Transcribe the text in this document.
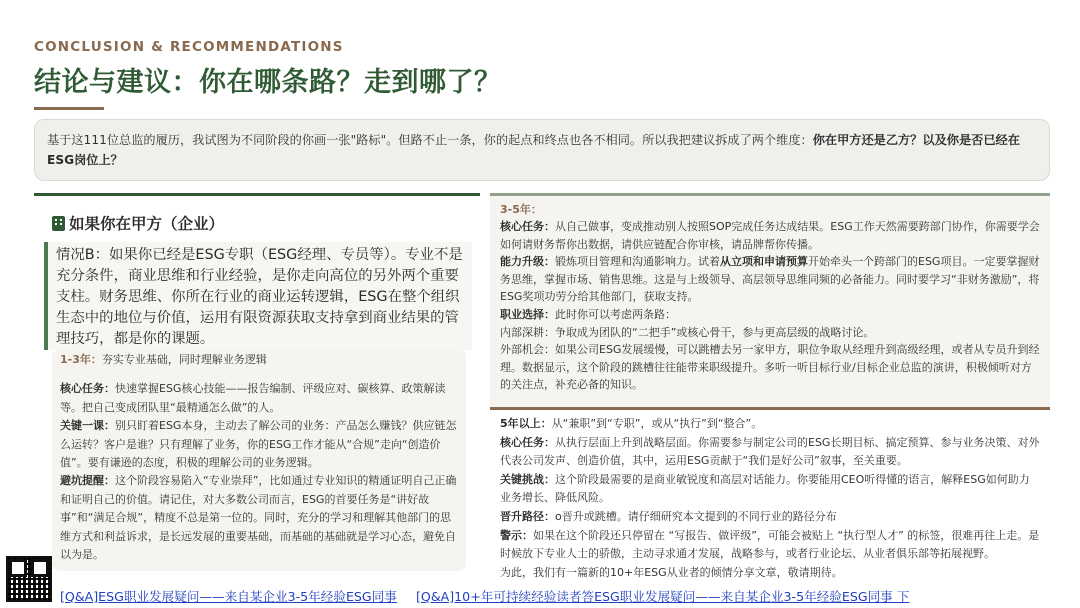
CONCLUSION & RECOMMENDATIONS
结论与建议：你在哪条路？走到哪了？
基于这111位总监的履历，我试图为不同阶段的你画一张"路标"。但路不止一条，你的起点和终点也各不相同。所以我把建议拆成了两个维度：你在甲方还是乙方？以及你是否已经在ESG岗位上？
如果你在甲方（企业）
情况B：如果你已经是ESG专职（ESG经理、专员等）。专业不是充分条件，商业思维和行业经验，是你走向高位的另外两个重要支柱。财务思维、你所在行业的商业运转逻辑，ESG在整个组织生态中的地位与价值，运用有限资源获取支持拿到商业结果的管理技巧，都是你的课题。

1-3年：夯实专业基础，同时理解业务逻辑

核心任务：快速掌握ESG核心技能——报告编制、评级应对、碳核算、政策解读等。把自己变成团队里“最精通怎么做”的人。

关键一课：别只盯着ESG本身，主动去了解公司的业务：产品怎么赚钱？供应链怎么运转？客户是谁？只有理解了业务，你的ESG工作才能从“合规”走向“创造价值”。要有谦逊的态度，积极的理解公司的业务逻辑。

避坑提醒：这个阶段容易陷入“专业崇拜”，比如通过专业知识的精通证明自己正确和证明自己的价值。请记住，对大多数公司而言，ESG的首要任务是“讲好故事”和“满足合规”，精度不总是第一位的。同时，充分的学习和理解其他部门的思维方式和利益诉求，是长远发展的重要基础，而基础的基础就是学习心态，避免自以为是。

3-5年：

核心任务：从自己做事，变成推动别人按照SOP完成任务达成结果。ESG工作天然需要跨部门协作，你需要学会如何请财务帮你出数据，请供应链配合你审核，请品牌帮你传播。

能力升级：锻炼项目管理和沟通影响力。试着从立项和申请预算开始牵头一个跨部门的ESG项目。一定要掌握财务思维，掌握市场、销售思维。这是与上级领导、高层领导思维同频的必备能力。同时要学习“非财务激励”，将ESG奖项功劳分给其他部门，获取支持。

职业选择：此时你可以考虑两条路：

内部深耕：争取成为团队的“二把手”或核心骨干，参与更高层级的战略讨论。

外部机会：如果公司ESG发展缓慢，可以跳槽去另一家甲方，职位争取从经理升到高级经理，或者从专员升到经理。数据显示，这个阶段的跳槽往往能带来职级提升。多听一听目标行业/目标企业总监的演讲，积极倾听对方的关注点，补充必备的知识。

5年以上：从“兼职”到“专职”，或从“执行”到“整合”。

核心任务：从执行层面上升到战略层面。你需要参与制定公司的ESG长期目标、搞定预算、参与业务决策、对外代表公司发声、创造价值，其中，运用ESG贡献于“我们是好公司”叙事，至关重要。

关键挑战：这个阶段最需要的是商业敏锐度和高层对话能力。你要能用CEO听得懂的语言，解释ESG如何助力业务增长、降低风险。

晋升路径：o晋升或跳槽。请仔细研究本文提到的不同行业的路径分布

警示：如果在这个阶段还只停留在 “写报告、做评级”，可能会被贴上 “执行型人才” 的标签，很难再往上走。是时候放下专业人士的骄傲，主动寻求通才发展，战略参与，或者行业论坛、从业者俱乐部等拓展视野。

为此，我们有一篇新的10+年ESG从业者的倾情分享文章，敬请期待。

[Q&A]ESG职业发展疑问——来自某企业3-5年经验ESG同事 [Q&A]10+年可持续经验读者答ESG职业发展疑问——来自某企业3-5年经验ESG同事 下
